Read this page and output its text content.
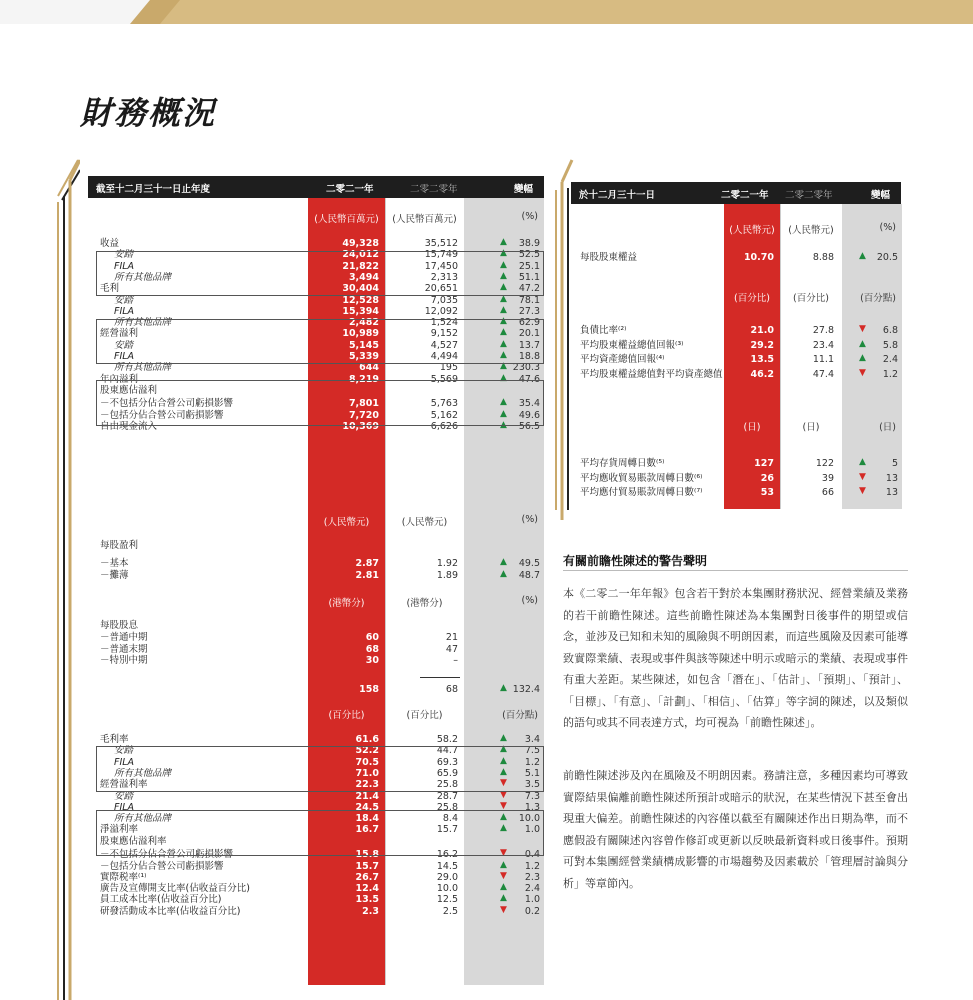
財務概況
截至十二月三十一日止年度	二零二一年	二零二零年	變幅
(人民幣百萬元)	(人民幣百萬元)	(%)
收益	49,328	35,512	▲	38.9
安踏	24,012	15,749	▲	52.5
FILA	21,822	17,450	▲	25.1
所有其他品牌	3,494	2,313	▲	51.1
毛利	30,404	20,651	▲	47.2
安踏	12,528	7,035	▲	78.1
FILA	15,394	12,092	▲	27.3
所有其他品牌	2,482	1,524	▲	62.9
經營溢利	10,989	9,152	▲	20.1
安踏	5,145	4,527	▲	13.7
FILA	5,339	4,494	▲	18.8
所有其他品牌	644	195	▲ 230.3
年內溢利	8,219	5,569	▲	47.6
股東應佔溢利
－不包括分佔合營公司虧損影響	7,801	5,763	▲	35.4
－包括分佔合營公司虧損影響	7,720	5,162	▲	49.6
自由現金流入	10,369	6,626	▲	56.5
(人民幣元)	(人民幣元)	(%)
每股盈利
－基本	2.87	1.92	▲	49.5
－攤薄	2.81	1.89	▲	48.7
(港幣分)	(港幣分)	(%)
每股股息
－普通中期	60	21
－普通末期	68	47
－特別中期	30	–
158	68	▲ 132.4
(百分比)	(百分比)	(百分點)
毛利率	61.6	58.2	▲	3.4
安踏	52.2	44.7	▲	7.5
FILA	70.5	69.3	▲	1.2
所有其他品牌	71.0	65.9	▲	5.1
經營溢利率	22.3	25.8	▼	3.5
安踏	21.4	28.7	▼	7.3
FILA	24.5	25.8	▼	1.3
所有其他品牌	18.4	8.4	▲	10.0
淨溢利率	16.7	15.7	▲	1.0
股東應佔溢利率
－不包括分佔合營公司虧損影響	15.8	16.2	▼	0.4
－包括分佔合營公司虧損影響	15.7	14.5	▲	1.2
實際税率⁽¹⁾	26.7	29.0	▼	2.3
廣告及宣傳開支比率(佔收益百分比)	12.4	10.0	▲	2.4
員工成本比率(佔收益百分比)	13.5	12.5	▲	1.0
研發活動成本比率(佔收益百分比)	2.3	2.5	▼	0.2
於十二月三十一日	二零二一年 二零二零年	變幅
(人民幣元)	(人民幣元)	(%)
每股股東權益	10.70	8.88	▲	20.5
(百分比)	(百分比)	(百分點)
負債比率⁽²⁾	21.0	27.8	▼	6.8
平均股東權益總值回報⁽³⁾	29.2	23.4	▲	5.8
平均資產總值回報⁽⁴⁾	13.5	11.1	▲	2.4
平均股東權益總值對平均資產總值	46.2	47.4	▼	1.2
(日)	(日)	(日)
平均存貨周轉日數⁽⁵⁾	127	122	▲	5
平均應收貿易賬款周轉日數⁽⁶⁾	26	39	▼	13
平均應付貿易賬款周轉日數⁽⁷⁾	53	66	▼	13
有關前瞻性陳述的警告聲明
本《二零二一年年報》包含若干對於本集團財務狀況、經營業績及業務的若干前瞻性陳述。這些前瞻性陳述為本集團對日後事件的期望或信念，並涉及已知和未知的風險與不明朗因素，而這些風險及因素可能導致實際業績、表現或事件與該等陳述中明示或暗示的業績、表現或事件有重大差距。某些陳述，如包含「潛在」、「估計」、「預期」、「預計」、「目標」、「有意」、「計劃」、「相信」、「估算」等字詞的陳述，以及類似的語句或其不同表達方式，均可視為「前瞻性陳述」。
前瞻性陳述涉及內在風險及不明朗因素。務請注意，多種因素均可導致實際結果偏離前瞻性陳述所預計或暗示的狀況，在某些情況下甚至會出現重大偏差。前瞻性陳述的內容僅以截至有關陳述作出日期為準，而不應假設有關陳述內容曾作修訂或更新以反映最新資料或日後事件。預期可對本集團經營業績構成影響的市場趨勢及因素載於「管理層討論與分析」等章節內。
